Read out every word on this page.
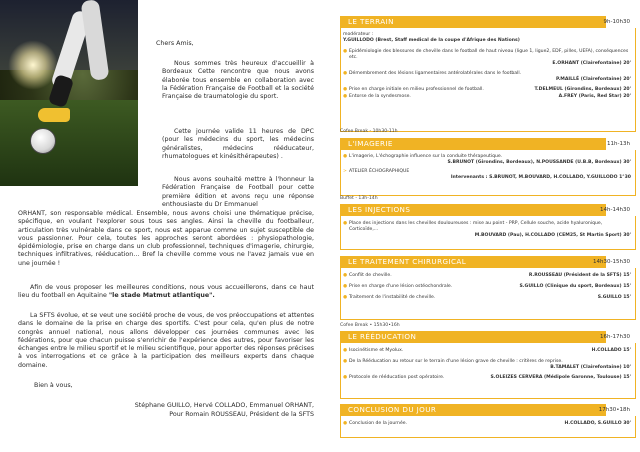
Chers Amis,
Nous sommes très heureux d'accueillir à Bordeaux Cette rencontre que nous avons élaborée tous ensemble en collaboration avec la Fédération Française de Football et la société Française de traumatologie du sport.
Cette journée valide 11 heures de DPC (pour les médecins du sport, les médecins généralistes, médecins rééducateur, rhumatologues et kinésithérapeutes) .
Nous avons souhaité mettre à l'honneur la Fédération Française de Football pour cette première édition et avons reçu une réponse enthousiaste du Dr Emmanuel
ORHANT, son responsable médical. Ensemble, nous avons choisi une thématique précise, spécifique, en voulant l'explorer sous tous ses angles. Ainsi la cheville du footballeur, articulation très vulnérable dans ce sport, nous est apparue comme un sujet susceptible de vous passionner. Pour cela, toutes les approches seront abordées : physiopathologie, épidémiologie, prise en charge dans un club professionnel, techniques d'imagerie, chirurgie, techniques infiltratives, rééducation… Bref la cheville comme vous ne l'avez jamais vue en une journée !
Afin de vous proposer les meilleures conditions, nous vous accueillerons, dans ce haut lieu du football en Aquitaine "le stade Matmut atlantique".
La SFTS évolue, et se veut une société proche de vous, de vos préoccupations et attentes dans le domaine de la prise en charge des sportifs. C'est pour cela, qu'en plus de notre congrès annuel national, nous allons développer ces journées communes avec les fédérations, pour que chacun puisse s'enrichir de l'expérience des autres, pour favoriser les échanges entre le milieu sportif et le milieu scientifique, pour apporter des réponses précises à vos interrogations et ce grâce à la participation des meilleurs experts dans chaque domaine.
Bien à vous,
Stéphane GUILLO, Hervé COLLADO, Emmanuel ORHANT,
Pour Romain ROUSSEAU, Président de la SFTS
LE TERRAIN	9h-10h30
modérateur :
Y.GUILLODO (Brest, Staff medical de la coupe d'Afrique des Nations)
● Epidémiologie des blessures de cheville dans le football de haut niveau (ligue 1, ligue2, EDF, pilles, UEFA), conséquences etc.
E.ORHANT (Clairefontaine) 20'
● Démembrement des lésions ligamentaires antérolatérales dans le football.
P.MAILLÉ (Clairefontaine) 20'
● Prise en charge initiale en milieu professionnel de football.	T.DELMEUL (Girondins, Bordeaux) 20'
● Entorse de la syndesmose.	A.FREY (Paris, Red Star) 20'
Cofee Break - 10h30-11h
L'IMAGERIE	11h-13h
● L'imagerie, L'échographie influence sur la conduite thérapeutique.
S.BRUNOT (Girondins, Bordeaux), N.POUSSANDE (U.B.B, Bordeaux) 30'
> ATELIER ÉCHOGRAPHIQUE
Intervenants : S.BRUNOT, M.BOUVARD, H.COLLADO, Y.GUILLODO 1°30
Buffet - 13h-14h
LES INJECTIONS	14h-14h30
● Place des injections dans les chevilles douloureuses : mise au point - PRP, Cellule souche, acide hyaluronique, Corticoïde,...
M.BOUVARD (Pau), H.COLLADO (CEM25, St Martin Sport) 30'
LE TRAITEMENT CHIRURGICAL	14h30-15h30
● Conflit de cheville.	R.ROUSSEAU (Président de la SFTS) 15'
● Prise en charge d'une lésion ostéochondrale.	S.GUILLO (Clinique du sport, Bordeaux) 15'
● Traitement de l'instabilité de cheville.	S.GUILLO 15'
Cofee Break • 15h30•16h
LE RÉÉDUCATION	16h-17h30
● Isocinétisme et Myolux.	H.COLLADO 15'
● De la Rééducation au retour sur le terrain d'une lésion grave de cheville : critères de reprise.
B.TAMALET (Clairefontaine) 10'
● Protocole de rééducation post opératoire.	S.OLEIZES CERVERA (Médipole Garonne, Toulouse) 15'
CONCLUSION DU JOUR	17h30•18h
● Conclusion de la journée.	H.COLLADO, S.GUILLO 30'
